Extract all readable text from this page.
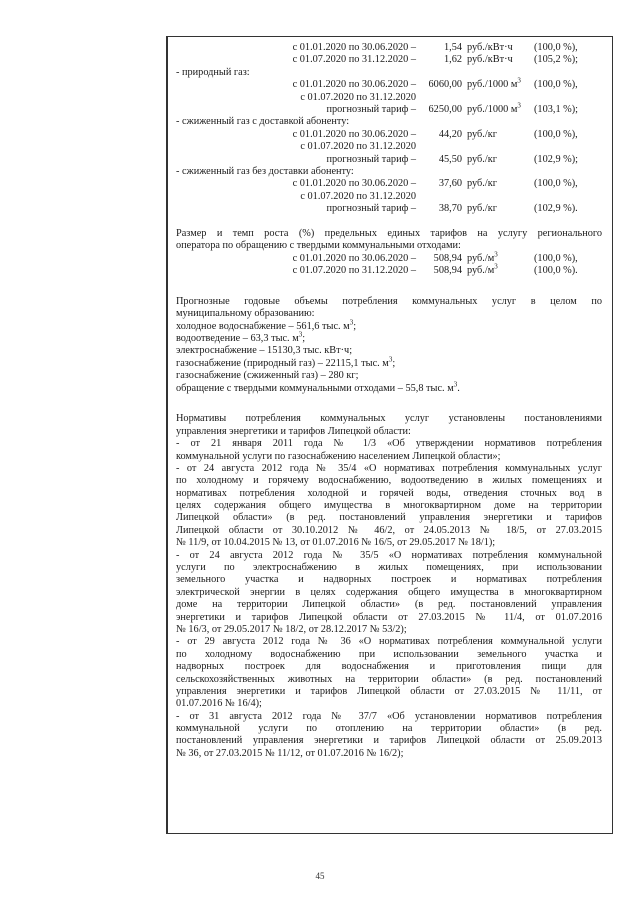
с 01.01.2020 по 30.06.2020 –	1,54 руб./кВт·ч (100,0 %),
с 01.07.2020 по 31.12.2020 –	1,62 руб./кВт·ч (105,2 %);
- природный газ:
с 01.01.2020 по 30.06.2020 –	6060,00 руб./1000 $м^3$ (100,0 %),
с 01.07.2020 по 31.12.2020
прогнозный тариф –	6250,00 руб./1000 $м^3$ (103,1 %);
- сжиженный газ с доставкой абоненту:
с 01.01.2020 по 30.06.2020 –	44,20 руб./кг	(100,0 %),
с 01.07.2020 по 31.12.2020
прогнозный тариф –	45,50 руб./кг	(102,9 %);
- сжиженный газ без доставки абоненту:
с 01.01.2020 по 30.06.2020 –	37,60 руб./кг	(100,0 %),
с 01.07.2020 по 31.12.2020
прогнозный тариф –	38,70 руб./кг	(102,9 %).
Размер и темп роста (%) предельных единых тарифов на услугу регионального
оператора по обращению с твердыми коммунальными отходами:
с 01.01.2020 по 30.06.2020 –	508,94 $руб./м^3$	(100,0 %),
с 01.07.2020 по 31.12.2020 –	508,94 $руб./м^3$	(100,0 %).
Прогнозные годовые объемы потребления коммунальных услуг в целом по
муниципальному образованию:
холодное водоснабжение – 561,6 тыс. $м^3$;
водоотведение – 63,3 тыс. $м^3$;
электроснабжение – 15130,3 тыс. кВт·ч;
газоснабжение (природный газ) – 22115,1 тыс. $м^3$;
газоснабжение (сжиженный газ) – 280 кг;
обращение с твердыми коммунальными отходами – 55,8 тыс. $м^3$.
Нормативы потребления коммунальных услуг установлены постановлениями
управления энергетики и тарифов Липецкой области:
- от 21 января 2011 года № 1/3 «Об утверждении нормативов потребления
коммунальной услуги по газоснабжению населением Липецкой области»;
- от 24 августа 2012 года № 35/4 «О нормативах потребления коммунальных услуг
по холодному и горячему водоснабжению, водоотведению в жилых помещениях и
нормативах потребления холодной и горячей воды, отведения сточных вод в
целях содержания общего имущества в многоквартирном доме на территории
Липецкой области» (в ред. постановлений управления энергетики и тарифов
Липецкой области от 30.10.2012 № 46/2, от 24.05.2013 № 18/5, от 27.03.2015
№ 11/9, от 10.04.2015 № 13, от 01.07.2016 № 16/5, от 29.05.2017 № 18/1);
- от 24 августа 2012 года № 35/5 «О нормативах потребления коммунальной
услуги по электроснабжению в жилых помещениях, при использовании
земельного участка и надворных построек и нормативах потребления
электрической энергии в целях содержания общего имущества в многоквартирном
доме на территории Липецкой области» (в ред. постановлений управления
энергетики и тарифов Липецкой области от 27.03.2015 № 11/4, от 01.07.2016
№ 16/3, от 29.05.2017 № 18/2, от 28.12.2017 № 53/2);
- от 29 августа 2012 года № 36 «О нормативах потребления коммунальной услуги
по холодному водоснабжению при использовании земельного участка и
надворных построек для водоснабжения и приготовления пищи для
сельскохозяйственных животных на территории области» (в ред. постановлений
управления энергетики и тарифов Липецкой области от 27.03.2015 № 11/11, от
01.07.2016 № 16/4);
- от 31 августа 2012 года № 37/7 «Об установлении нормативов потребления
коммунальной услуги по отоплению на территории области» (в ред.
постановлений управления энергетики и тарифов Липецкой области от 25.09.2013
№ 36, от 27.03.2015 № 11/12, от 01.07.2016 № 16/2);
45
